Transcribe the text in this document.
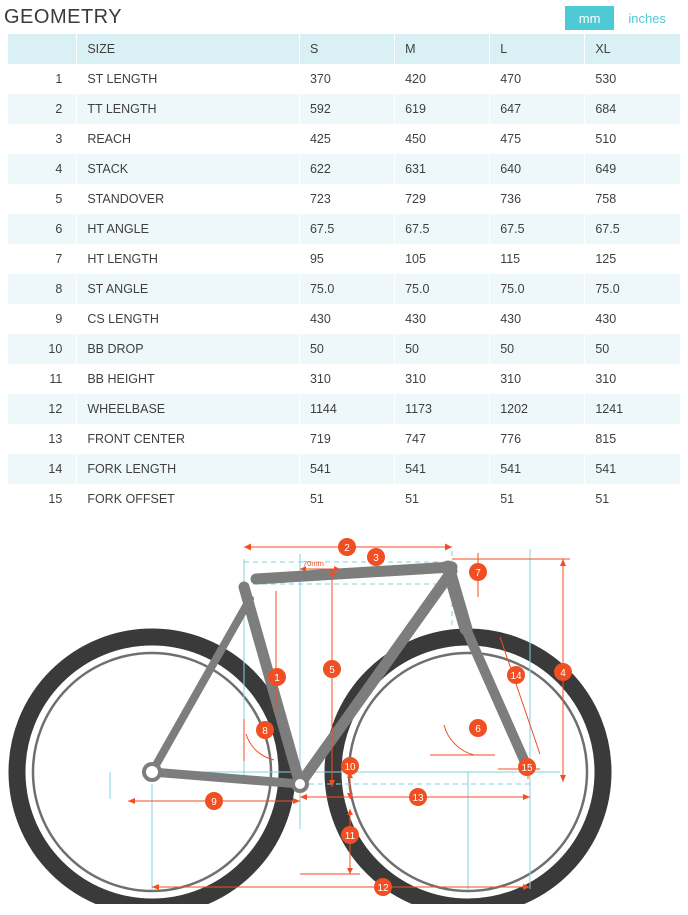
GEOMETRY	mm	inches
	SIZE	S	M	L	XL
1	ST LENGTH	370	420	470	530
2	TT LENGTH	592	619	647	684
3	REACH	425	450	475	510
4	STACK	622	631	640	649
5	STANDOVER	723	729	736	758
6	HT ANGLE	67.5	67.5	67.5	67.5
7	HT LENGTH	95	105	115	125
8	ST ANGLE	75.0	75.0	75.0	75.0
9	CS LENGTH	430	430	430	430
10	BB DROP	50	50	50	50
11	BB HEIGHT	310	310	310	310
12	WHEELBASE	1144	1173	1202	1241
13	FRONT CENTER	719	747	776	815
14	FORK LENGTH	541	541	541	541
15	FORK OFFSET	51	51	51	51
70mm
2
3
7
1
5	4
14
8	6
15
10
9	13
11
12
